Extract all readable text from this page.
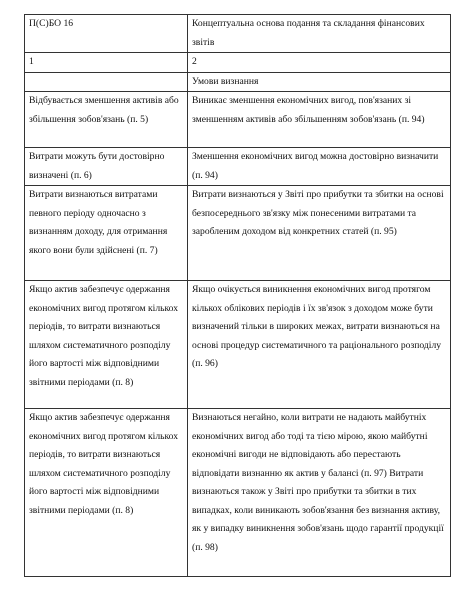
П(С)БО 16	Концептуальна основа подання та складання фінансових звітів
1	2
	Умови визнання
Відбувається зменшення активів або збільшення зобов'язань (п. 5)	Виникає зменшення економічних вигод, пов'язаних зі зменшенням активів або збільшенням зобов'язань (п. 94)
Витрати можуть бути достовірно визначені (п. 6)	Зменшення економічних вигод можна достовірно визначити (п. 94)
Витрати визнаються витратами певного періоду одночасно з визнанням доходу, для отримання якого вони були здійснені (п. 7)	Витрати визнаються у Звіті про прибутки та збитки на основі безпосереднього зв'язку між понесеними витратами та заробленим доходом від конкретних статей (п. 95)
Якщо актив забезпечує одержання економічних вигод протягом кількох періодів, то витрати визнаються шляхом систематичного розподілу його вартості між відповідними звітними періодами (п. 8)	Якщо очікується виникнення економічних вигод протягом кількох облікових періодів і їх зв'язок з доходом може бути визначений тільки в широких межах, витрати визнаються на основі процедур систематичного та раціонального розподілу (п. 96)
Якщо актив забезпечує одержання економічних вигод протягом кількох періодів, то витрати визнаються шляхом систематичного розподілу його вартості між відповідними звітними періодами (п. 8)	Визнаються негайно, коли витрати не надають майбутніх економічних вигод або тоді та тією мірою, якою майбутні економічні вигоди не відповідають або перестають відповідати визнанню як актив у балансі (п. 97) Витрати визнаються також у Звіті про прибутки та збитки в тих випадках, коли виникають зобов'язання без визнання активу, як у випадку виникнення зобов'язань щодо гарантії продукції (п. 98)
